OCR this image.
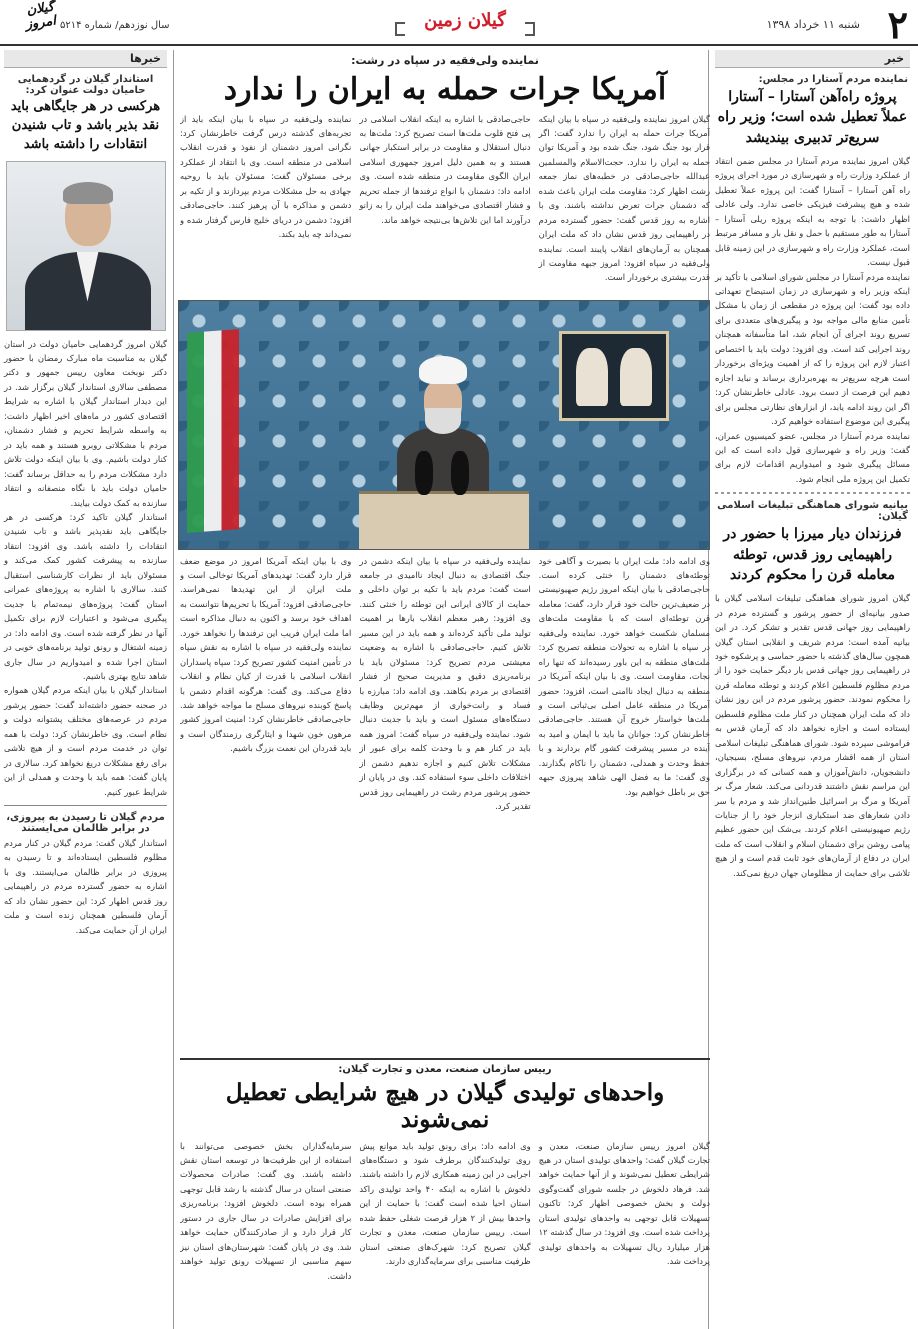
۲
شنبه ۱۱ خرداد ۱۳۹۸
گیلان زمین
سال نوزدهم/ شماره ۵۲۱۴
گیلان امروز
خبر
نماینده مردم آستارا در مجلس:
پروژه راه‌آهن آستارا – آستارا عملاً تعطیل شده است؛ وزیر راه سریع‌تر تدبیری بیندیشد

گیلان امروز نماینده مردم آستارا در مجلس ضمن انتقاد از عملکرد وزارت راه و شهرسازی در مورد اجرای پروژه راه آهن آستارا – آستارا گفت: این پروژه عملاً تعطیل شده و هیچ پیشرفت فیزیکی خاصی ندارد. ولی عادلی اظهار داشت: با توجه به اینکه پروژه ریلی آستارا – آستارا به طور مستقیم با حمل و نقل بار و مسافر مرتبط است، عملکرد وزارت راه و شهرسازی در این زمینه قابل قبول نیست.

نماینده مردم آستارا در مجلس شورای اسلامی با تأکید بر اینکه وزیر راه و شهرسازی در زمان استیضاح تعهداتی داده بود گفت: این پروژه در مقطعی از زمان با مشکل تأمین منابع مالی مواجه بود و پیگیری‌های متعددی برای تسریع روند اجرای آن انجام شد، اما متأسفانه همچنان روند اجرایی کند است. وی افزود: دولت باید با اختصاص اعتبار لازم این پروژه را که از اهمیت ویژه‌ای برخوردار است هرچه سریع‌تر به بهره‌برداری برساند و نباید اجازه دهیم این فرصت از دست برود. عادلی خاطرنشان کرد: اگر این روند ادامه یابد، از ابزارهای نظارتی مجلس برای پیگیری این موضوع استفاده خواهیم کرد.

نماینده مردم آستارا در مجلس، عضو کمیسیون عمران، گفت: وزیر راه و شهرسازی قول داده است که این مسائل پیگیری شود و امیدواریم اقدامات لازم برای تکمیل این پروژه ملی انجام شود.

بیانیه شورای هماهنگی تبلیغات اسلامی گیلان:
فرزندان دیار میرزا با حضور در راهپیمایی روز قدس، توطئه معامله قرن را محکوم کردند

گیلان امروز شورای هماهنگی تبلیغات اسلامی گیلان با صدور بیانیه‌ای از حضور پرشور و گسترده مردم در راهپیمایی روز جهانی قدس تقدیر و تشکر کرد. در این بیانیه آمده است: مردم شریف و انقلابی استان گیلان همچون سال‌های گذشته با حضور حماسی و پرشکوه خود در راهپیمایی روز جهانی قدس بار دیگر حمایت خود را از مردم مظلوم فلسطین اعلام کردند و توطئه معامله قرن را محکوم نمودند. حضور پرشور مردم در این روز نشان داد که ملت ایران همچنان در کنار ملت مظلوم فلسطین ایستاده است و اجازه نخواهد داد که آرمان قدس به فراموشی سپرده شود. شورای هماهنگی تبلیغات اسلامی استان از همه اقشار مردم، نیروهای مسلح، بسیجیان، دانشجویان، دانش‌آموزان و همه کسانی که در برگزاری این مراسم نقش داشتند قدردانی می‌کند. شعار مرگ بر آمریکا و مرگ بر اسرائیل طنین‌انداز شد و مردم با سر دادن شعارهای ضد استکباری انزجار خود را از جنایات رژیم صهیونیستی اعلام کردند. بی‌شک این حضور عظیم پیامی روشن برای دشمنان اسلام و انقلاب است که ملت ایران در دفاع از آرمان‌های خود ثابت قدم است و از هیچ تلاشی برای حمایت از مظلومان جهان دریغ نمی‌کند.

نماینده ولی‌فقیه در سپاه در رشت:
آمریکا جرات حمله به ایران را ندارد

گیلان امروز نماینده ولی‌فقیه در سپاه با بیان اینکه آمریکا جرات حمله به ایران را ندارد گفت: اگر قرار بود جنگ شود، جنگ شده بود و آمریکا توان حمله به ایران را ندارد. حجت‌الاسلام والمسلمین عبدالله حاجی‌صادقی در خطبه‌های نماز جمعه رشت اظهار کرد: مقاومت ملت ایران باعث شده که دشمنان جرات تعرض نداشته باشند. وی با اشاره به روز قدس گفت: حضور گسترده مردم در راهپیمایی روز قدس نشان داد که ملت ایران همچنان به آرمان‌های انقلاب پایبند است. نماینده ولی‌فقیه در سپاه افزود: امروز جبهه مقاومت از قدرت بیشتری برخوردار است.

حاجی‌صادقی با اشاره به اینکه انقلاب اسلامی در پی فتح قلوب ملت‌ها است تصریح کرد: ملت‌ها به دنبال استقلال و مقاومت در برابر استکبار جهانی هستند و به همین دلیل امروز جمهوری اسلامی ایران الگوی مقاومت در منطقه شده است. وی ادامه داد: دشمنان با انواع ترفندها از جمله تحریم و فشار اقتصادی می‌خواهند ملت ایران را به زانو درآورند اما این تلاش‌ها بی‌نتیجه خواهد ماند.

نماینده ولی‌فقیه در سپاه با بیان اینکه باید از تجربه‌های گذشته درس گرفت خاطرنشان کرد: نگرانی امروز دشمنان از نفوذ و قدرت انقلاب اسلامی در منطقه است. وی با انتقاد از عملکرد برخی مسئولان گفت: مسئولان باید با روحیه جهادی به حل مشکلات مردم بپردازند و از تکیه بر دشمن و مذاکره با آن پرهیز کنند. حاجی‌صادقی افزود: دشمن در دریای خلیج فارس گرفتار شده و نمی‌داند چه باید بکند.

وی ادامه داد: ملت ایران با بصیرت و آگاهی خود توطئه‌های دشمنان را خنثی کرده است. حاجی‌صادقی با بیان اینکه امروز رژیم صهیونیستی در ضعیف‌ترین حالت خود قرار دارد، گفت: معامله قرن توطئه‌ای است که با مقاومت ملت‌های مسلمان شکست خواهد خورد. نماینده ولی‌فقیه در سپاه با اشاره به تحولات منطقه تصریح کرد: ملت‌های منطقه به این باور رسیده‌اند که تنها راه نجات، مقاومت است. وی با بیان اینکه آمریکا در منطقه به دنبال ایجاد ناامنی است، افزود: حضور آمریکا در منطقه عامل اصلی بی‌ثباتی است و ملت‌ها خواستار خروج آن هستند. حاجی‌صادقی خاطرنشان کرد: جوانان ما باید با ایمان و امید به آینده در مسیر پیشرفت کشور گام بردارند و با حفظ وحدت و همدلی، دشمنان را ناکام بگذارند. وی گفت: ما به فضل الهی شاهد پیروزی جبهه حق بر باطل خواهیم بود.

نماینده ولی‌فقیه در سپاه با بیان اینکه دشمن در جنگ اقتصادی به دنبال ایجاد ناامیدی در جامعه است گفت: مردم باید با تکیه بر توان داخلی و حمایت از کالای ایرانی این توطئه را خنثی کنند. وی افزود: رهبر معظم انقلاب بارها بر اهمیت تولید ملی تأکید کرده‌اند و همه باید در این مسیر تلاش کنیم. حاجی‌صادقی با اشاره به وضعیت معیشتی مردم تصریح کرد: مسئولان باید با برنامه‌ریزی دقیق و مدیریت صحیح از فشار اقتصادی بر مردم بکاهند. وی ادامه داد: مبارزه با فساد و رانت‌خواری از مهم‌ترین وظایف دستگاه‌های مسئول است و باید با جدیت دنبال شود. نماینده ولی‌فقیه در سپاه گفت: امروز همه باید در کنار هم و با وحدت کلمه برای عبور از مشکلات تلاش کنیم و اجازه ندهیم دشمن از اختلافات داخلی سوء استفاده کند. وی در پایان از حضور پرشور مردم رشت در راهپیمایی روز قدس تقدیر کرد.

وی با بیان اینکه آمریکا امروز در موضع ضعف قرار دارد گفت: تهدیدهای آمریکا توخالی است و ملت ایران از این تهدیدها نمی‌هراسد. حاجی‌صادقی افزود: آمریکا با تحریم‌ها نتوانست به اهداف خود برسد و اکنون به دنبال مذاکره است اما ملت ایران فریب این ترفندها را نخواهد خورد. نماینده ولی‌فقیه در سپاه با اشاره به نقش سپاه در تأمین امنیت کشور تصریح کرد: سپاه پاسداران انقلاب اسلامی با قدرت از کیان نظام و انقلاب دفاع می‌کند. وی گفت: هرگونه اقدام دشمن با پاسخ کوبنده نیروهای مسلح ما مواجه خواهد شد. حاجی‌صادقی خاطرنشان کرد: امنیت امروز کشور مرهون خون شهدا و ایثارگری رزمندگان است و باید قدردان این نعمت بزرگ باشیم.

رییس سازمان صنعت، معدن و تجارت گیلان:
واحدهای تولیدی گیلان در هیچ شرایطی تعطیل نمی‌شوند

گیلان امروز رییس سازمان صنعت، معدن و تجارت گیلان گفت: واحدهای تولیدی استان در هیچ شرایطی تعطیل نمی‌شوند و از آنها حمایت خواهد شد. فرهاد دلخوش در جلسه شورای گفت‌وگوی دولت و بخش خصوصی اظهار کرد: تاکنون تسهیلات قابل توجهی به واحدهای تولیدی استان پرداخت شده است. وی افزود: در سال گذشته ۱۲ هزار میلیارد ریال تسهیلات به واحدهای تولیدی پرداخت شد.

وی ادامه داد: برای رونق تولید باید موانع پیش روی تولیدکنندگان برطرف شود و دستگاه‌های اجرایی در این زمینه همکاری لازم را داشته باشند. دلخوش با اشاره به اینکه ۴۰ واحد تولیدی راکد استان احیا شده است گفت: با حمایت از این واحدها بیش از ۲ هزار فرصت شغلی حفظ شده است. رییس سازمان صنعت، معدن و تجارت گیلان تصریح کرد: شهرک‌های صنعتی استان ظرفیت مناسبی برای سرمایه‌گذاری دارند.

سرمایه‌گذاران بخش خصوصی می‌توانند با استفاده از این ظرفیت‌ها در توسعه استان نقش داشته باشند. وی گفت: صادرات محصولات صنعتی استان در سال گذشته با رشد قابل توجهی همراه بوده است. دلخوش افزود: برنامه‌ریزی برای افزایش صادرات در سال جاری در دستور کار قرار دارد و از صادرکنندگان حمایت خواهد شد. وی در پایان گفت: شهرستان‌های استان نیز سهم مناسبی از تسهیلات رونق تولید خواهند داشت.

خبرها
استاندار گیلان در گردهمایی حامیان دولت عنوان کرد:
هرکسی در هر جایگاهی باید نقد بذیر باشد و تاب شنیدن انتقادات را داشته باشد

گیلان امروز گردهمایی حامیان دولت در استان گیلان به مناسبت ماه مبارک رمضان با حضور دکتر نوبخت معاون رییس جمهور و دکتر مصطفی سالاری استاندار گیلان برگزار شد. در این دیدار استاندار گیلان با اشاره به شرایط اقتصادی کشور در ماه‌های اخیر اظهار داشت: به واسطه شرایط تحریم و فشار دشمنان، مردم با مشکلاتی روبرو هستند و همه باید در کنار دولت باشیم. وی با بیان اینکه دولت تلاش دارد مشکلات مردم را به حداقل برساند گفت: حامیان دولت باید با نگاه منصفانه و انتقاد سازنده به کمک دولت بیایند.

استاندار گیلان تاکید کرد: هرکسی در هر جایگاهی باید نقدپذیر باشد و تاب شنیدن انتقادات را داشته باشد. وی افزود: انتقاد سازنده به پیشرفت کشور کمک می‌کند و مسئولان باید از نظرات کارشناسی استقبال کنند. سالاری با اشاره به پروژه‌های عمرانی استان گفت: پروژه‌های نیمه‌تمام با جدیت پیگیری می‌شود و اعتبارات لازم برای تکمیل آنها در نظر گرفته شده است. وی ادامه داد: در زمینه اشتغال و رونق تولید برنامه‌های خوبی در استان اجرا شده و امیدواریم در سال جاری شاهد نتایج بهتری باشیم.

استاندار گیلان با بیان اینکه مردم گیلان همواره در صحنه حضور داشته‌اند گفت: حضور پرشور مردم در عرصه‌های مختلف پشتوانه دولت و نظام است. وی خاطرنشان کرد: دولت با همه توان در خدمت مردم است و از هیچ تلاشی برای رفع مشکلات دریغ نخواهد کرد. سالاری در پایان گفت: همه باید با وحدت و همدلی از این شرایط عبور کنیم.

مردم گیلان تا رسیدن به پیروزی، در برابر ظالمان می‌ایستند

استاندار گیلان گفت: مردم گیلان در کنار مردم مظلوم فلسطین ایستاده‌اند و تا رسیدن به پیروزی در برابر ظالمان می‌ایستند. وی با اشاره به حضور گسترده مردم در راهپیمایی روز قدس اظهار کرد: این حضور نشان داد که آرمان فلسطین همچنان زنده است و ملت ایران از آن حمایت می‌کند.
